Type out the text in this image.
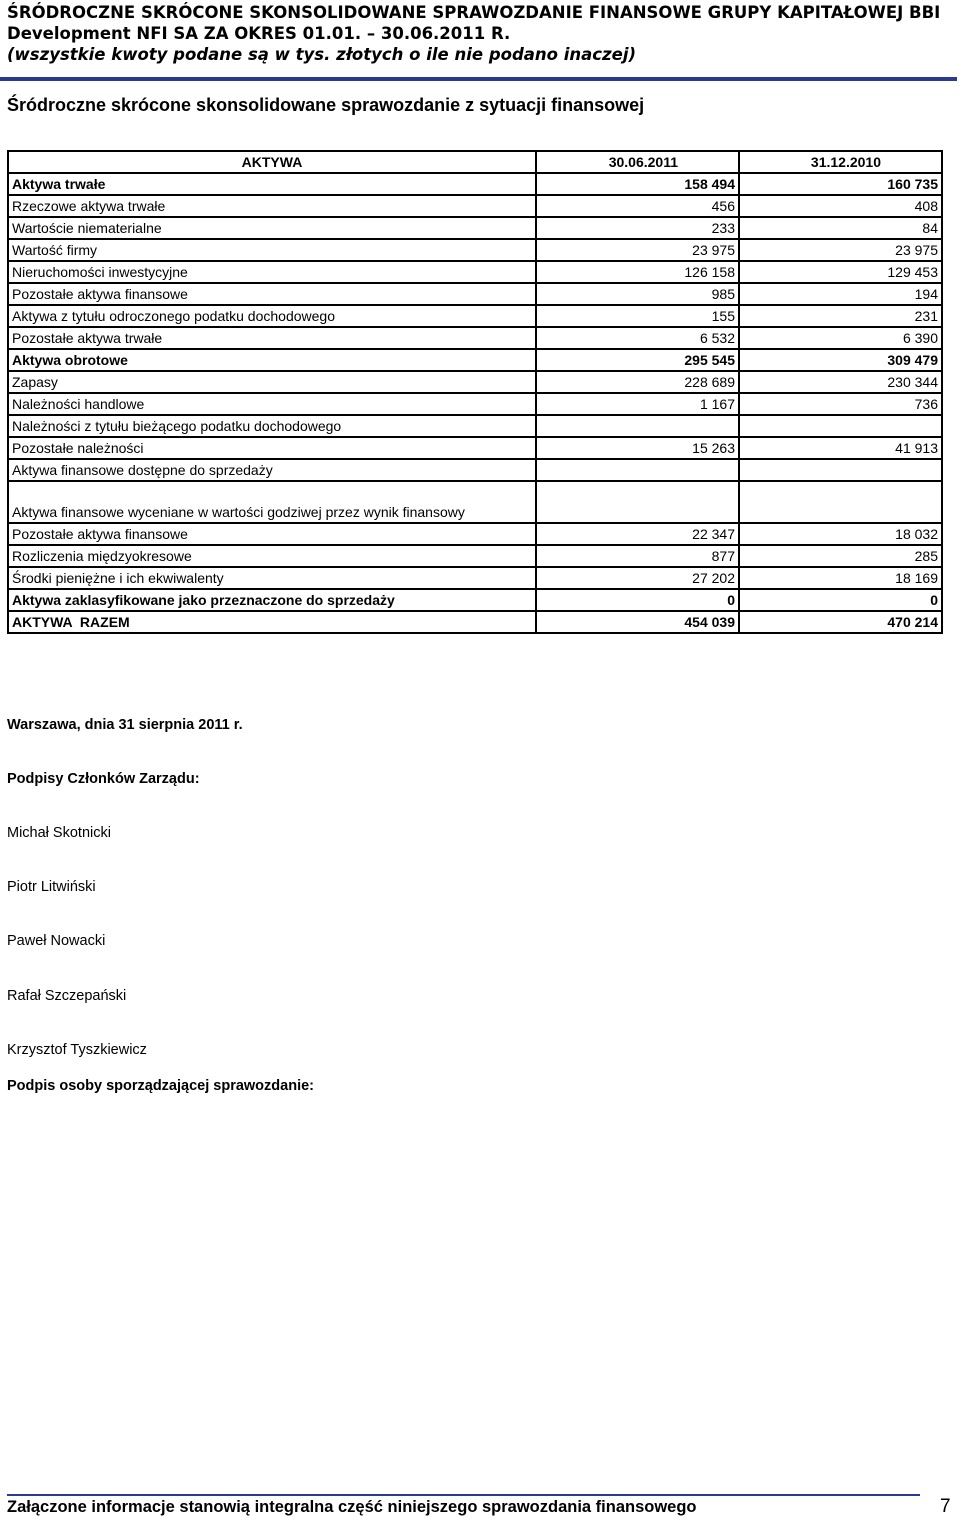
ŚRÓDROCZNE SKRÓCONE SKONSOLIDOWANE SPRAWOZDANIE FINANSOWE GRUPY KAPITAŁOWEJ BBI
Development NFI SA ZA OKRES 01.01. – 30.06.2011 R.
(wszystkie kwoty podane są w tys. złotych o ile nie podano inaczej)
Śródroczne skrócone skonsolidowane sprawozdanie z sytuacji finansowej
AKTYWA	30.06.2011	31.12.2010
Aktywa trwałe	158 494	160 735
Rzeczowe aktywa trwałe	456	408
Wartoście niematerialne	233	84
Wartość firmy	23 975	23 975
Nieruchomości inwestycyjne	126 158	129 453
Pozostałe aktywa finansowe	985	194
Aktywa z tytułu odroczonego podatku dochodowego	155	231
Pozostałe aktywa trwałe	6 532	6 390
Aktywa obrotowe	295 545	309 479
Zapasy	228 689	230 344
Należności handlowe	1 167	736
Należności z tytułu bieżącego podatku dochodowego		
Pozostałe należności	15 263	41 913
Aktywa finansowe dostępne do sprzedaży		
Aktywa finansowe wyceniane w wartości godziwej przez wynik finansowy		
Pozostałe aktywa finansowe	22 347	18 032
Rozliczenia międzyokresowe	877	285
Środki pieniężne i ich ekwiwalenty	27 202	18 169
Aktywa zaklasyfikowane jako przeznaczone do sprzedaży	0	0
AKTYWA  RAZEM	454 039	470 214
Warszawa, dnia 31 sierpnia 2011 r.
Podpisy Członków Zarządu:
Michał Skotnicki
Piotr Litwiński
Paweł Nowacki
Rafał Szczepański
Krzysztof Tyszkiewicz
Podpis osoby sporządzającej sprawozdanie:
Załączone informacje stanowią integralna część niniejszego sprawozdania finansowego	7
